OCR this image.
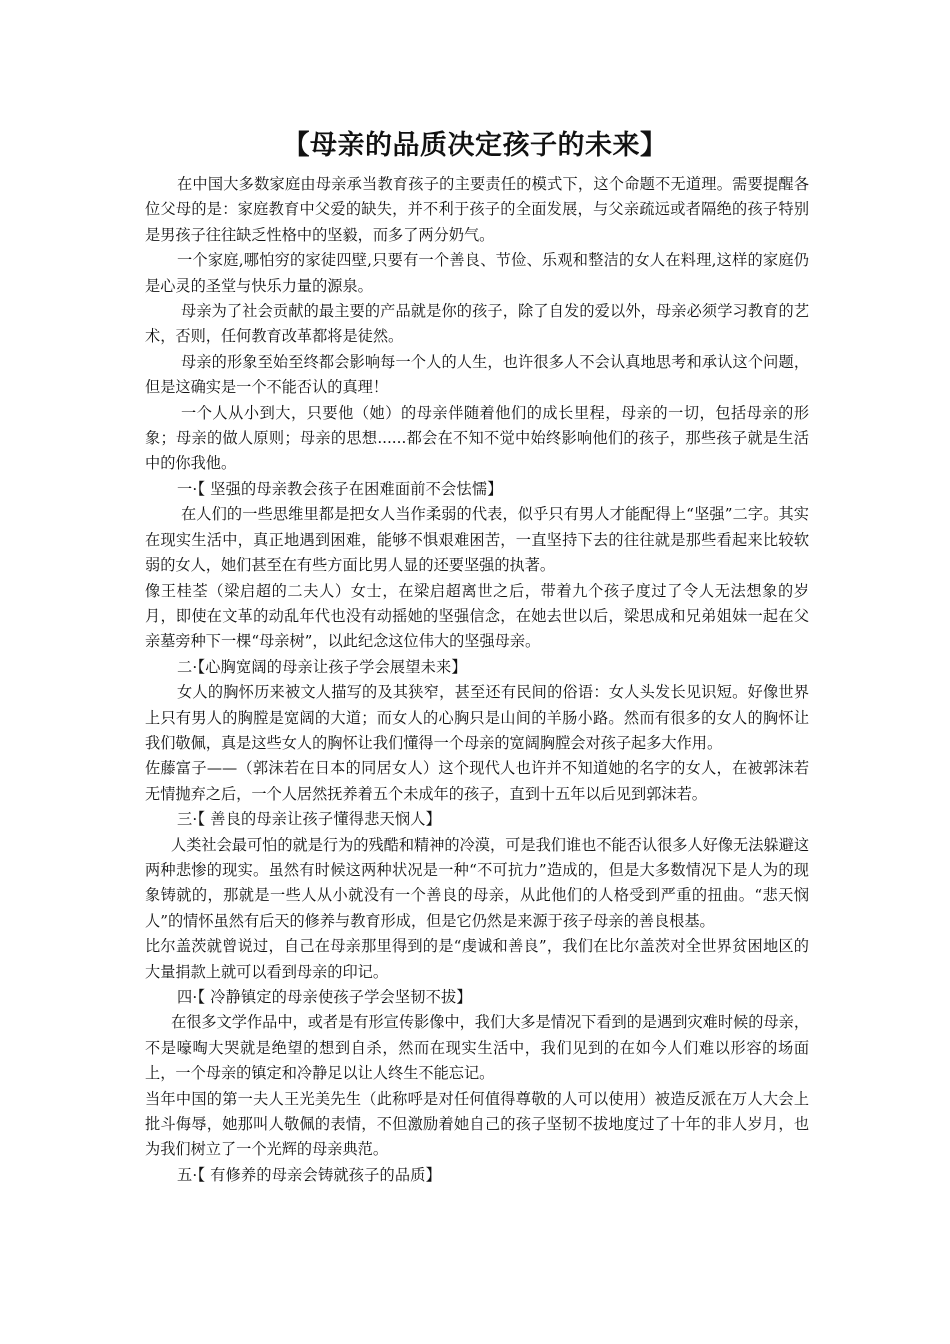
【母亲的品质决定孩子的未来】

在中国大多数家庭由母亲承当教育孩子的主要责任的模式下，这个命题不无道理。需要提醒各位父母的是：家庭教育中父爱的缺失，并不利于孩子的全面发展，与父亲疏远或者隔绝的孩子特别是男孩子往往缺乏性格中的坚毅，而多了两分奶气。

一个家庭,哪怕穷的家徒四壁,只要有一个善良、节俭、乐观和整洁的女人在料理,这样的家庭仍是心灵的圣堂与快乐力量的源泉。

母亲为了社会贡献的最主要的产品就是你的孩子，除了自发的爱以外，母亲必须学习教育的艺术，否则，任何教育改革都将是徒然。

母亲的形象至始至终都会影响每一个人的人生，也许很多人不会认真地思考和承认这个问题，但是这确实是一个不能否认的真理！

一个人从小到大，只要他（她）的母亲伴随着他们的成长里程，母亲的一切，包括母亲的形象；母亲的做人原则；母亲的思想......都会在不知不觉中始终影响他们的孩子，那些孩子就是生活中的你我他。

一·【 坚强的母亲教会孩子在困难面前不会怯懦】

在人们的一些思维里都是把女人当作柔弱的代表，似乎只有男人才能配得上“坚强”二字。其实在现实生活中，真正地遇到困难，能够不惧艰难困苦，一直坚持下去的往往就是那些看起来比较软弱的女人，她们甚至在有些方面比男人显的还要坚强的执著。

像王桂荃（梁启超的二夫人）女士，在梁启超离世之后，带着九个孩子度过了令人无法想象的岁月，即使在文革的动乱年代也没有动摇她的坚强信念，在她去世以后，梁思成和兄弟姐妹一起在父亲墓旁种下一棵“母亲树”，以此纪念这位伟大的坚强母亲。

二·【心胸宽阔的母亲让孩子学会展望未来】

女人的胸怀历来被文人描写的及其狭窄，甚至还有民间的俗语：女人头发长见识短。好像世界上只有男人的胸膛是宽阔的大道；而女人的心胸只是山间的羊肠小路。然而有很多的女人的胸怀让我们敬佩，真是这些女人的胸怀让我们懂得一个母亲的宽阔胸膛会对孩子起多大作用。

佐藤富子——（郭沫若在日本的同居女人）这个现代人也许并不知道她的名字的女人，在被郭沫若无情抛弃之后，一个人居然抚养着五个未成年的孩子，直到十五年以后见到郭沫若。

三·【 善良的母亲让孩子懂得悲天悯人】

人类社会最可怕的就是行为的残酷和精神的冷漠，可是我们谁也不能否认很多人好像无法躲避这两种悲惨的现实。虽然有时候这两种状况是一种“不可抗力”造成的，但是大多数情况下是人为的现象铸就的，那就是一些人从小就没有一个善良的母亲，从此他们的人格受到严重的扭曲。“悲天悯人”的情怀虽然有后天的修养与教育形成，但是它仍然是来源于孩子母亲的善良根基。

比尔盖茨就曾说过，自己在母亲那里得到的是“虔诚和善良”，我们在比尔盖茨对全世界贫困地区的大量捐款上就可以看到母亲的印记。

四·【 冷静镇定的母亲使孩子学会坚韧不拔】

在很多文学作品中，或者是有形宣传影像中，我们大多是情况下看到的是遇到灾难时候的母亲，不是嚎啕大哭就是绝望的想到自杀，然而在现实生活中，我们见到的在如今人们难以形容的场面上，一个母亲的镇定和冷静足以让人终生不能忘记。

当年中国的第一夫人王光美先生（此称呼是对任何值得尊敬的人可以使用）被造反派在万人大会上批斗侮辱，她那叫人敬佩的表情，不但激励着她自己的孩子坚韧不拔地度过了十年的非人岁月，也为我们树立了一个光辉的母亲典范。

五·【 有修养的母亲会铸就孩子的品质】
